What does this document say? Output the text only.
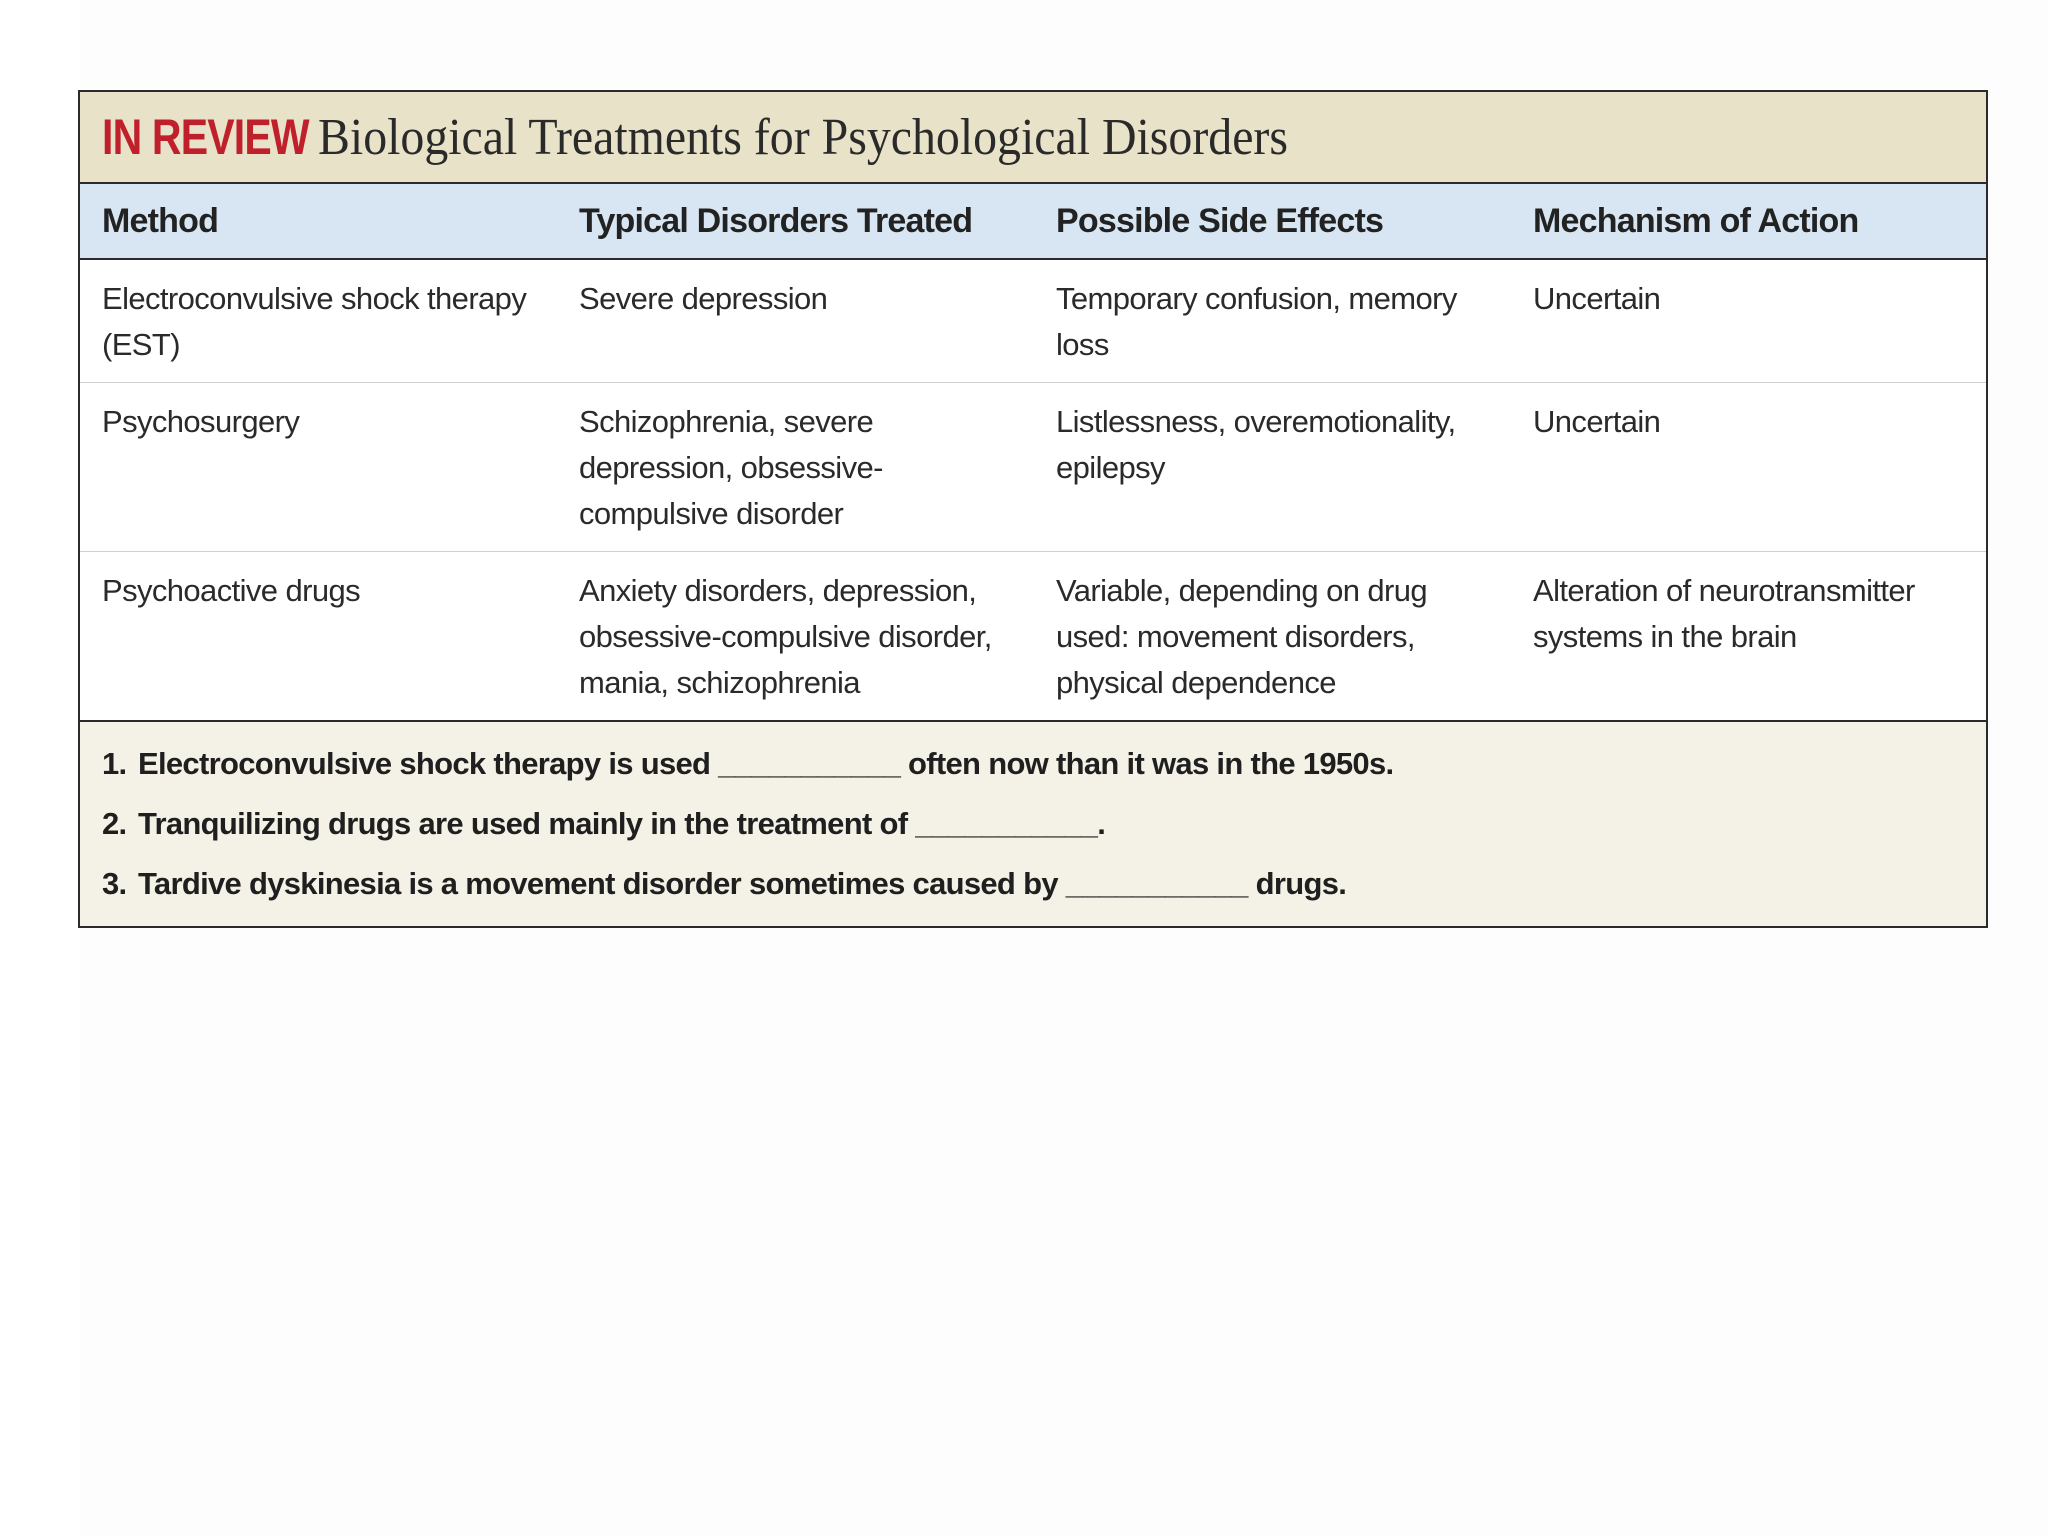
IN REVIEW Biological Treatments for Psychological Disorders
Method	Typical Disorders Treated	Possible Side Effects	Mechanism of Action
Electroconvulsive shock therapy (EST)	Severe depression	Temporary confusion, memory loss	Uncertain
Psychosurgery	Schizophrenia, severe depression, obsessive-compulsive disorder	Listlessness, overemotionality, epilepsy	Uncertain
Psychoactive drugs	Anxiety disorders, depression, obsessive-compulsive disorder, mania, schizophrenia	Variable, depending on drug used: movement disorders, physical dependence	Alteration of neurotransmitter systems in the brain
1. Electroconvulsive shock therapy is used ___________ often now than it was in the 1950s.
2. Tranquilizing drugs are used mainly in the treatment of ___________.
3. Tardive dyskinesia is a movement disorder sometimes caused by ___________ drugs.
